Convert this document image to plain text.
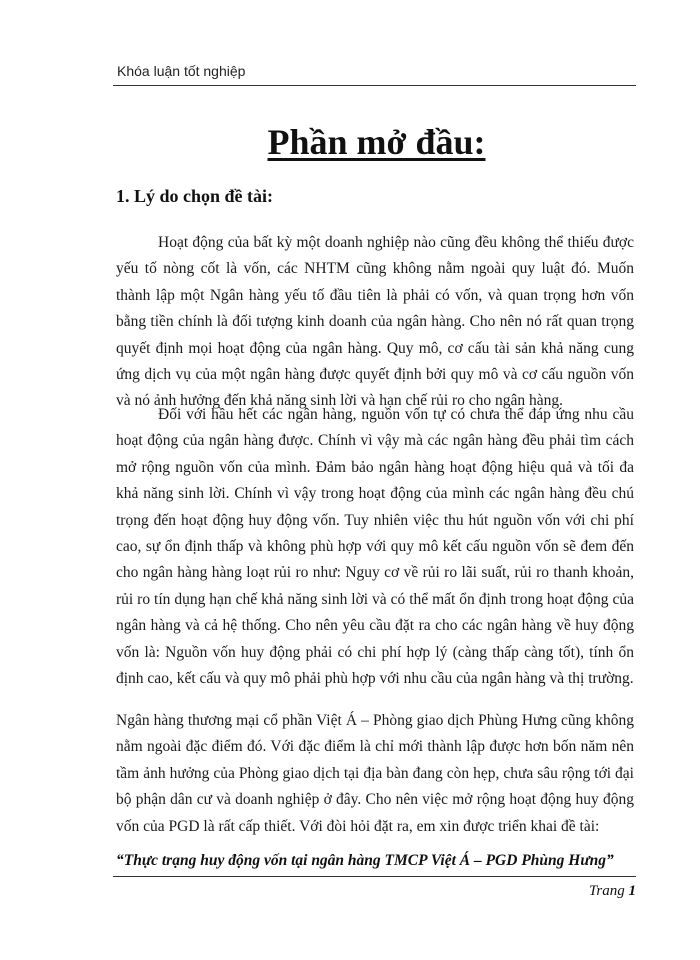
Khóa luận tốt nghiệp
Phần mở đầu:
1. Lý do chọn đề tài:

Hoạt động của bất kỳ một doanh nghiệp nào cũng đều không thể thiếu được yếu tố nòng cốt là vốn, các NHTM cũng không nằm ngoài quy luật đó. Muốn thành lập một Ngân hàng yếu tố đầu tiên là phải có vốn, và quan trọng hơn vốn bằng tiền chính là đối tượng kinh doanh của ngân hàng. Cho nên nó rất quan trọng quyết định mọi hoạt động của ngân hàng. Quy mô, cơ cấu tài sản khả năng cung ứng dịch vụ của một ngân hàng được quyết định bởi quy mô và cơ cấu nguồn vốn và nó ảnh hưởng đến khả năng sinh lời và hạn chế rủi ro cho ngân hàng.

Đối với hầu hết các ngân hàng, nguồn vốn tự có chưa thể đáp ứng nhu cầu hoạt động của ngân hàng được. Chính vì vậy mà các ngân hàng đều phải tìm cách mở rộng nguồn vốn của mình. Đảm bảo ngân hàng hoạt động hiệu quả và tối đa khả năng sinh lời. Chính vì vậy trong hoạt động của mình các ngân hàng đều chú trọng đến hoạt động huy động vốn. Tuy nhiên việc thu hút nguồn vốn với chi phí cao, sự ổn định thấp và không phù hợp với quy mô kết cấu nguồn vốn sẽ đem đến cho ngân hàng hàng loạt rủi ro như: Nguy cơ về rủi ro lãi suất, rủi ro thanh khoản, rủi ro tín dụng hạn chế khả năng sinh lời và có thể mất ổn định trong hoạt động của ngân hàng và cả hệ thống. Cho nên yêu cầu đặt ra cho các ngân hàng về huy động vốn là: Nguồn vốn huy động phải có chi phí hợp lý (càng thấp càng tốt), tính ổn định cao, kết cấu và quy mô phải phù hợp với nhu cầu của ngân hàng và thị trường.

Ngân hàng thương mại cổ phần Việt Á – Phòng giao dịch Phùng Hưng cũng không nằm ngoài đặc điểm đó. Với đặc điểm là chỉ mới thành lập được hơn bốn năm nên tầm ảnh hưởng của Phòng giao dịch tại địa bàn đang còn hẹp, chưa sâu rộng tới đại bộ phận dân cư và doanh nghiệp ở đây. Cho nên việc mở rộng hoạt động huy động vốn của PGD là rất cấp thiết. Với đòi hỏi đặt ra, em xin được triển khai đề tài:

“Thực trạng huy động vốn tại ngân hàng TMCP Việt Á – PGD Phùng Hưng”
Trang 1
